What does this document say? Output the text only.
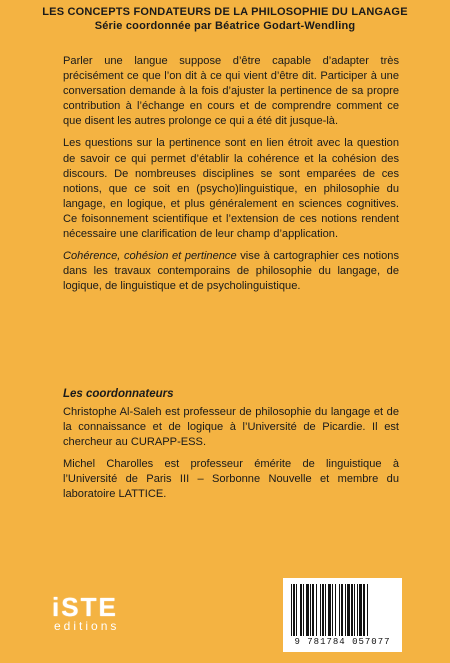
LES CONCEPTS FONDATEURS DE LA PHILOSOPHIE DU LANGAGE
Série coordonnée par Béatrice Godart-Wendling

Parler une langue suppose d’être capable d’adapter très précisément ce que l’on dit à ce qui vient d’être dit. Participer à une conversation demande à la fois d’ajuster la pertinence de sa propre contribution à l’échange en cours et de comprendre comment ce que disent les autres prolonge ce qui a été dit jusque-là.

Les questions sur la pertinence sont en lien étroit avec la question de savoir ce qui permet d’établir la cohérence et la cohésion des discours. De nombreuses disciplines se sont emparées de ces notions, que ce soit en (psycho)linguistique, en philosophie du langage, en logique, et plus généralement en sciences cognitives. Ce foisonnement scientifique et l’extension de ces notions rendent nécessaire une clarification de leur champ d’application.

Cohérence, cohésion et pertinence vise à cartographier ces notions dans les travaux contemporains de philosophie du langage, de logique, de linguistique et de psycholinguistique.

Les coordonnateurs

Christophe Al-Saleh est professeur de philosophie du langage et de la connaissance et de logique à l’Université de Picardie. Il est chercheur au CURAPP-ESS.

Michel Charolles est professeur émérite de linguistique à l’Université de Paris III – Sorbonne Nouvelle et membre du laboratoire LATTICE.

iSTE
editions
9 781784 057077
